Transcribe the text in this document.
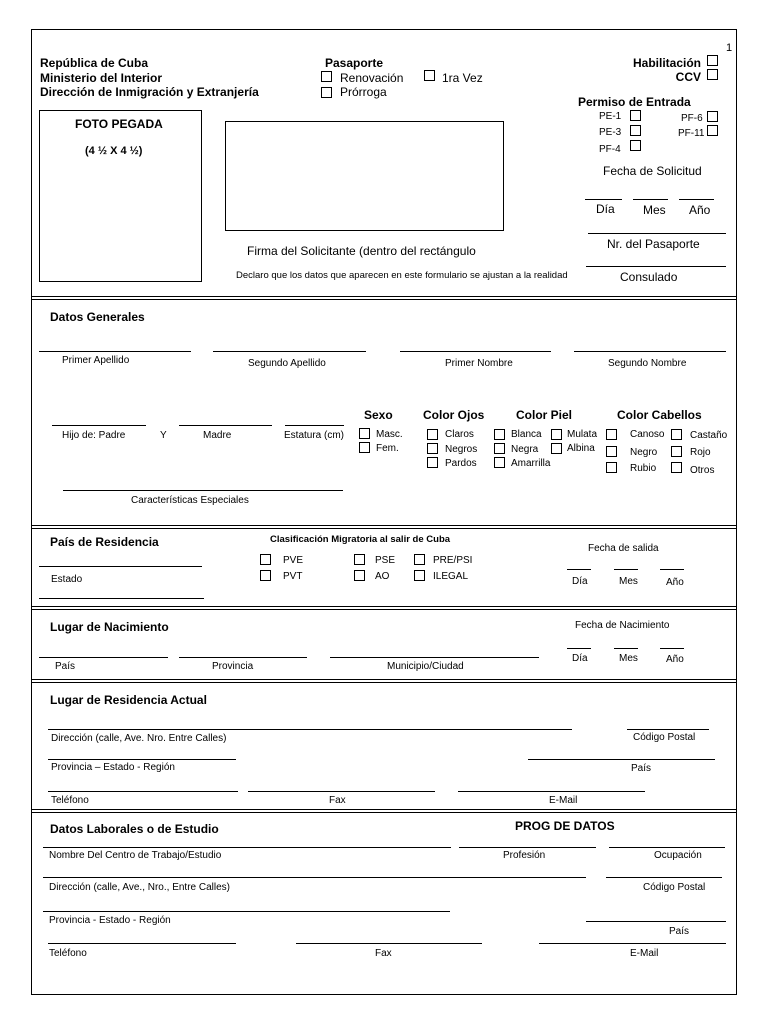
1
República de Cuba
Ministerio del Interior
Dirección de Inmigración y Extranjería
Pasaporte
Renovación	1ra Vez
Prórroga
Habilitación
CCV
Permiso de Entrada
PE-1
PE-3
PF-4
PF-6
PF-11
FOTO PEGADA
(4 ½ X 4 ½)
Firma del Solicitante (dentro del rectángulo
Declaro que los datos que aparecen en este formulario se ajustan a la realidad
Fecha de Solicitud
Día Mes Año
Nr. del Pasaporte
Consulado
Datos Generales
Primer Apellido	Segundo Apellido	Primer Nombre	Segundo Nombre
Hijo de: Padre	Y	Madre	Estatura (cm)
Sexo
Masc.
Fem.
Color Ojos
Claros
Negros
Pardos
Color Piel
Blanca
Negra
Amarrilla
Mulata
Albina
Color Cabellos
Canoso
Negro
Rubio
Castaño
Rojo
Otros
Características Especiales
País de Residencia
Estado
Clasificación Migratoria al salir de Cuba
PVE
PVT
PSE
AO
PRE/PSI
ILEGAL
Fecha de salida
Día	Mes	Año
Lugar de Nacimiento	Fecha de Nacimiento
País	Provincia	Municipio/Ciudad
Día	Mes	Año
Lugar de Residencia Actual
Dirección (calle, Ave. Nro. Entre Calles)	Código Postal
Provincia – Estado - Región	País
Teléfono	Fax	E-Mail
Datos Laborales o de Estudio	PROG DE DATOS
Nombre Del Centro de Trabajo/Estudio	Profesión	Ocupación
Dirección (calle, Ave., Nro., Entre Calles)	Código Postal
Provincia - Estado - Región
País
Teléfono	Fax	E-Mail
